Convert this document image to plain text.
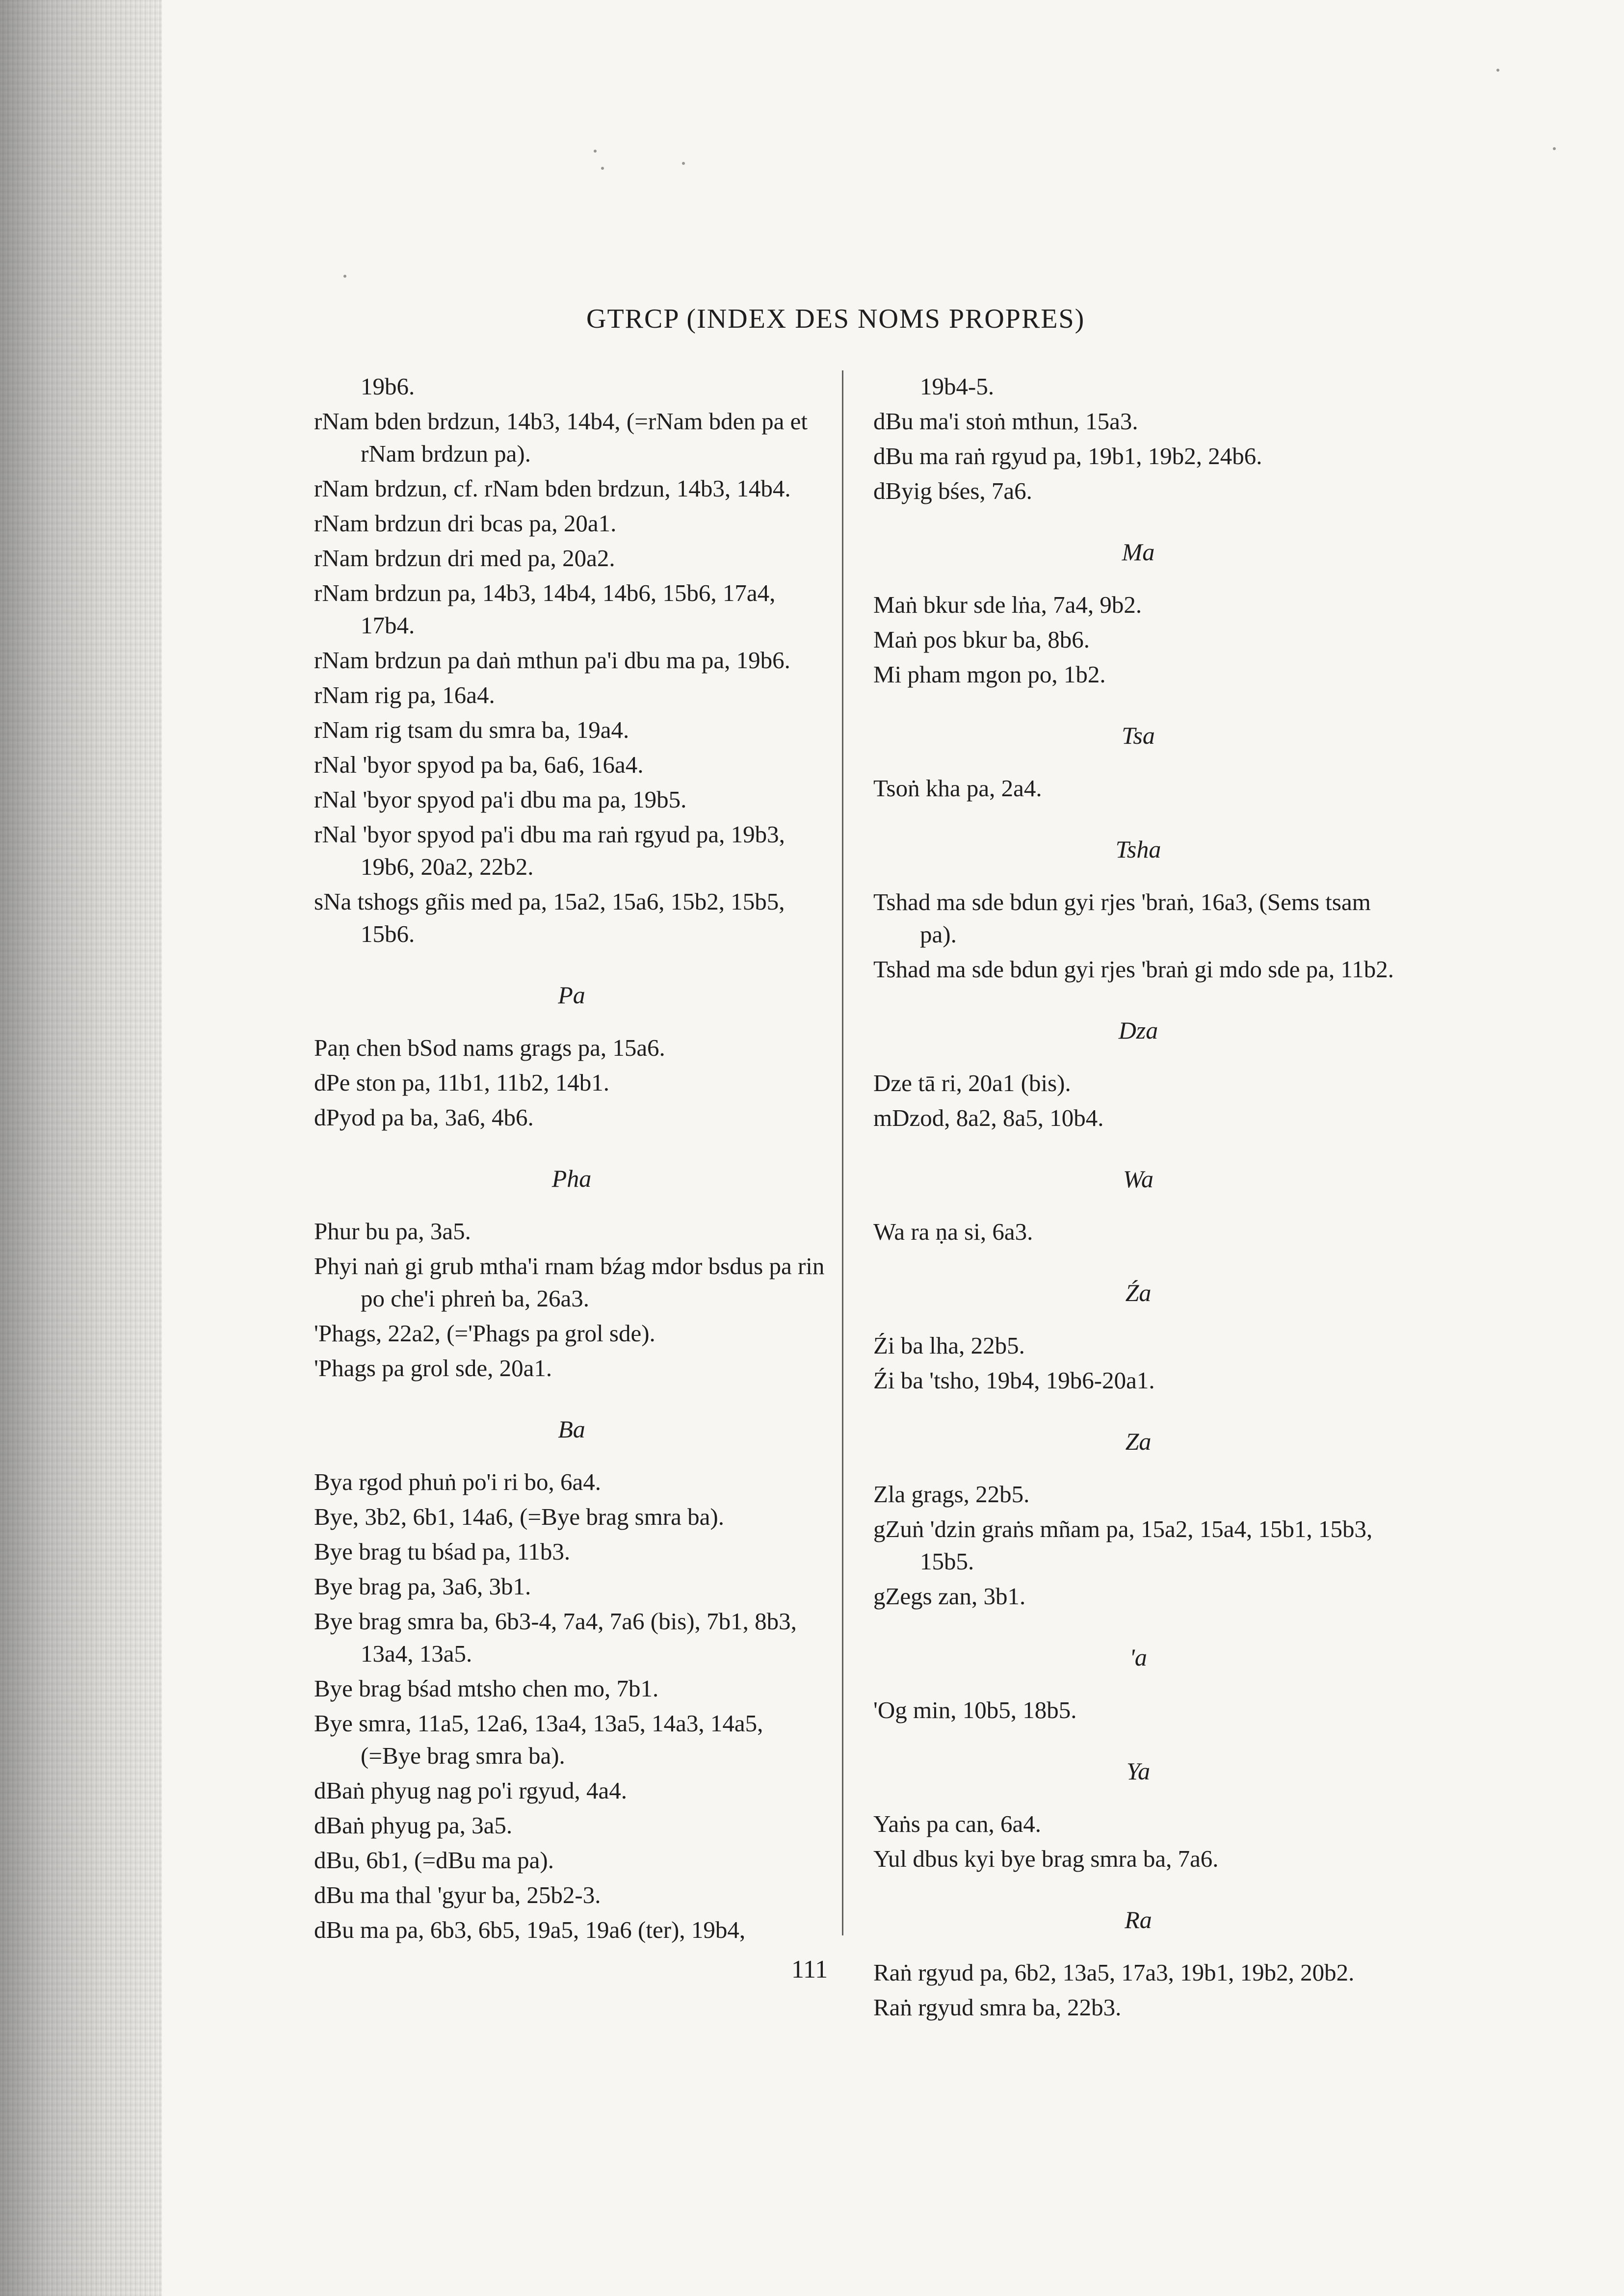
GTRCP (INDEX DES NOMS PROPRES)
19b6.
rNam bden brdzun, 14b3, 14b4, (=rNam bden pa et rNam brdzun pa).
rNam brdzun, cf. rNam bden brdzun, 14b3, 14b4.
rNam brdzun dri bcas pa, 20a1.
rNam brdzun dri med pa, 20a2.
rNam brdzun pa, 14b3, 14b4, 14b6, 15b6, 17a4, 17b4.
rNam brdzun pa daṅ mthun pa'i dbu ma pa, 19b6.
rNam rig pa, 16a4.
rNam rig tsam du smra ba, 19a4.
rNal 'byor spyod pa ba, 6a6, 16a4.
rNal 'byor spyod pa'i dbu ma pa, 19b5.
rNal 'byor spyod pa'i dbu ma raṅ rgyud pa, 19b3, 19b6, 20a2, 22b2.
sNa tshogs gñis med pa, 15a2, 15a6, 15b2, 15b5, 15b6.
Pa
Paṇ chen bSod nams grags pa, 15a6.
dPe ston pa, 11b1, 11b2, 14b1.
dPyod pa ba, 3a6, 4b6.
Pha
Phur bu pa, 3a5.
Phyi naṅ gi grub mtha'i rnam bźag mdor bsdus pa rin po che'i phreṅ ba, 26a3.
'Phags, 22a2, (='Phags pa grol sde).
'Phags pa grol sde, 20a1.
Ba
Bya rgod phuṅ po'i ri bo, 6a4.
Bye, 3b2, 6b1, 14a6, (=Bye brag smra ba).
Bye brag tu bśad pa, 11b3.
Bye brag pa, 3a6, 3b1.
Bye brag smra ba, 6b3-4, 7a4, 7a6 (bis), 7b1, 8b3, 13a4, 13a5.
Bye brag bśad mtsho chen mo, 7b1.
Bye smra, 11a5, 12a6, 13a4, 13a5, 14a3, 14a5, (=Bye brag smra ba).
dBaṅ phyug nag po'i rgyud, 4a4.
dBaṅ phyug pa, 3a5.
dBu, 6b1, (=dBu ma pa).
dBu ma thal 'gyur ba, 25b2-3.
dBu ma pa, 6b3, 6b5, 19a5, 19a6 (ter), 19b4,
19b4-5.
dBu ma'i stoṅ mthun, 15a3.
dBu ma raṅ rgyud pa, 19b1, 19b2, 24b6.
dByig bśes, 7a6.
Ma
Maṅ bkur sde lṅa, 7a4, 9b2.
Maṅ pos bkur ba, 8b6.
Mi pham mgon po, 1b2.
Tsa
Tsoṅ kha pa, 2a4.
Tsha
Tshad ma sde bdun gyi rjes 'braṅ, 16a3, (Sems tsam pa).
Tshad ma sde bdun gyi rjes 'braṅ gi mdo sde pa, 11b2.
Dza
Dze tā ri, 20a1 (bis).
mDzod, 8a2, 8a5, 10b4.
Wa
Wa ra ṇa si, 6a3.
Źa
Źi ba lha, 22b5.
Źi ba 'tsho, 19b4, 19b6-20a1.
Za
Zla grags, 22b5.
gZuṅ 'dzin graṅs mñam pa, 15a2, 15a4, 15b1, 15b3, 15b5.
gZegs zan, 3b1.
'a
'Og min, 10b5, 18b5.
Ya
Yaṅs pa can, 6a4.
Yul dbus kyi bye brag smra ba, 7a6.
Ra
Raṅ rgyud pa, 6b2, 13a5, 17a3, 19b1, 19b2, 20b2.
Raṅ rgyud smra ba, 22b3.
111
